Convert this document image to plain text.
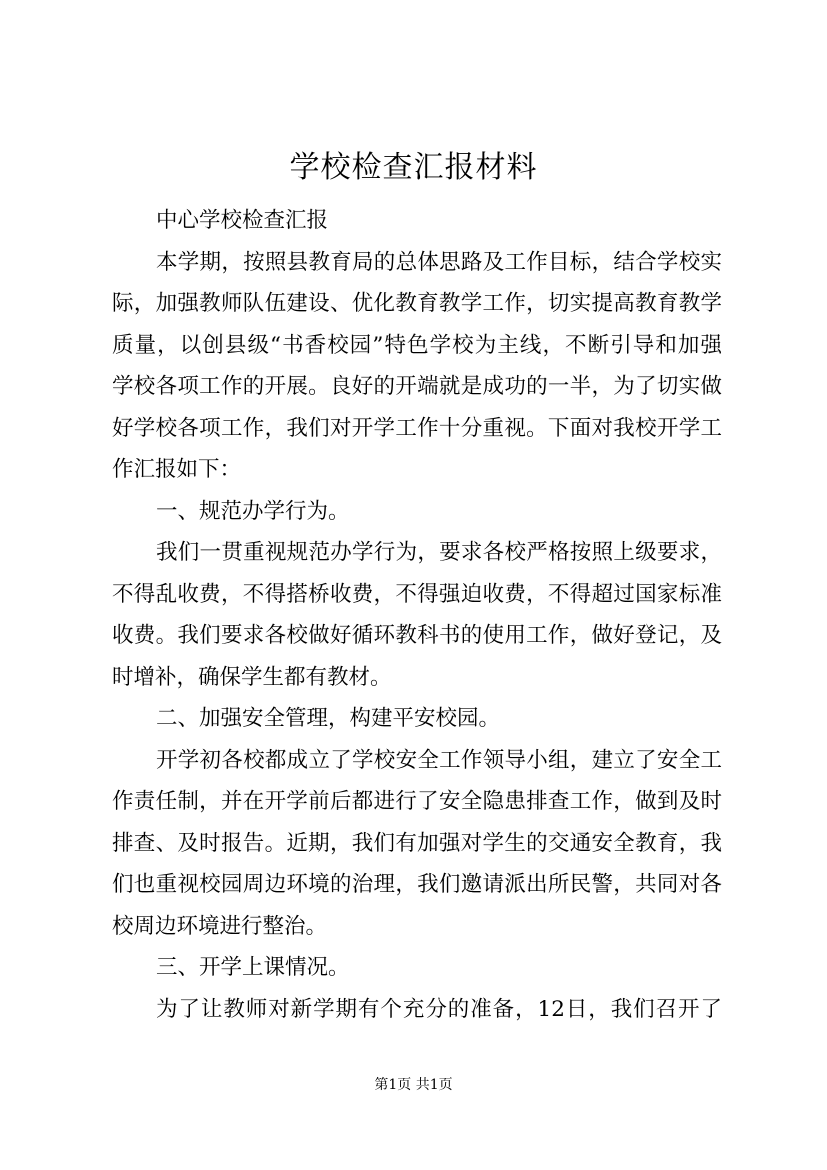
学校检查汇报材料
中心学校检查汇报
本学期，按照县教育局的总体思路及工作目标，结合学校实
际，加强教师队伍建设、优化教育教学工作，切实提高教育教学
质量，以创县级“书香校园”特色学校为主线，不断引导和加强
学校各项工作的开展。良好的开端就是成功的一半，为了切实做
好学校各项工作，我们对开学工作十分重视。下面对我校开学工
作汇报如下：
一、规范办学行为。
我们一贯重视规范办学行为，要求各校严格按照上级要求，
不得乱收费，不得搭桥收费，不得强迫收费，不得超过国家标准
收费。我们要求各校做好循环教科书的使用工作，做好登记，及
时增补，确保学生都有教材。
二、加强安全管理，构建平安校园。
开学初各校都成立了学校安全工作领导小组，建立了安全工
作责任制，并在开学前后都进行了安全隐患排查工作，做到及时
排查、及时报告。近期，我们有加强对学生的交通安全教育，我
们也重视校园周边环境的治理，我们邀请派出所民警，共同对各
校周边环境进行整治。
三、开学上课情况。
为了让教师对新学期有个充分的准备，12日，我们召开了
第1页 共1页
